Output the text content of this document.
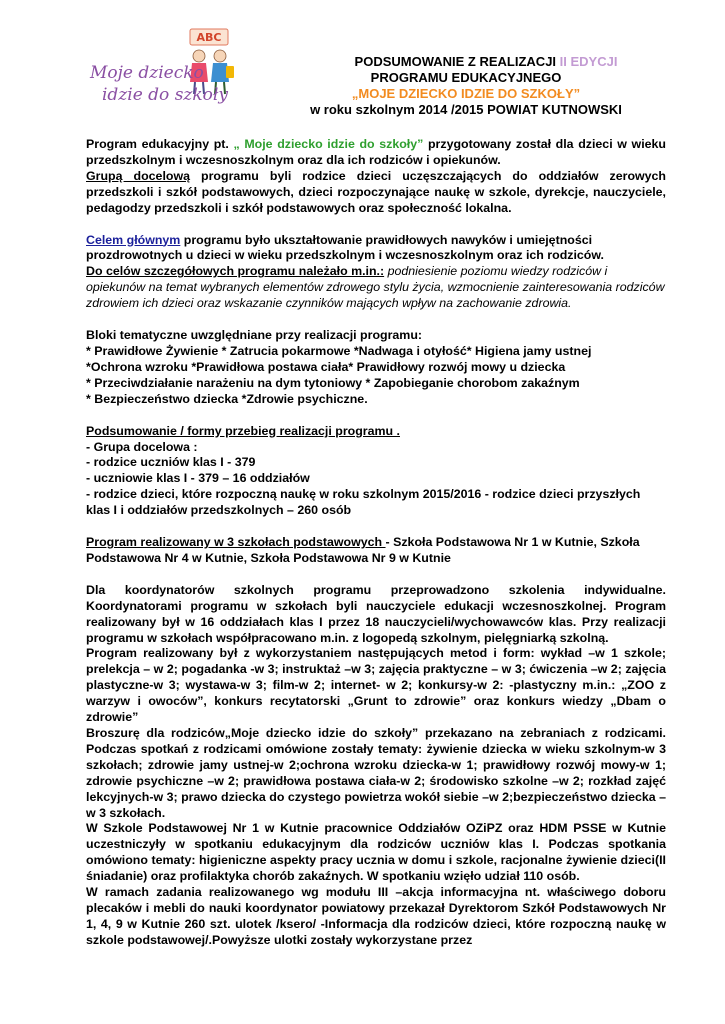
ABC
Moje dziecko
idzie do szkoły
PODSUMOWANIE Z REALIZACJI II EDYCJI
PROGRAMU EDUKACYJNEGO
„MOJE DZIECKO IDZIE DO SZKOŁY”
w roku szkolnym 2014 /2015 POWIAT KUTNOWSKI

Program edukacyjny pt. „ Moje dziecko idzie do szkoły” przygotowany został dla dzieci w wieku przedszkolnym i wczesnoszkolnym oraz dla ich rodziców i opiekunów.

Grupą docelową programu byli rodzice dzieci uczęszczających do oddziałów zerowych przedszkoli i szkół podstawowych, dzieci rozpoczynające naukę w szkole, dyrekcje, nauczyciele, pedagodzy przedszkoli i szkół podstawowych oraz społeczność lokalna.

Celem głównym programu było ukształtowanie prawidłowych nawyków i umiejętności prozdrowotnych u dzieci w wieku przedszkolnym i wczesnoszkolnym oraz ich rodziców.

Do celów szczegółowych programu należało m.in.: podniesienie poziomu wiedzy rodziców i opiekunów na temat wybranych elementów zdrowego stylu życia, wzmocnienie zainteresowania rodziców zdrowiem ich dzieci oraz wskazanie czynników mających wpływ na zachowanie zdrowia.

Bloki tematyczne uwzględniane przy realizacji programu:

* Prawidłowe Żywienie * Zatrucia pokarmowe *Nadwaga i otyłość* Higiena jamy ustnej

*Ochrona wzroku *Prawidłowa postawa ciała* Prawidłowy rozwój mowy u dziecka

* Przeciwdziałanie narażeniu na dym tytoniowy * Zapobieganie chorobom zakaźnym

* Bezpieczeństwo dziecka *Zdrowie psychiczne.

Podsumowanie / formy przebieg realizacji programu .

- Grupa docelowa :

- rodzice uczniów klas I - 379

- uczniowie klas I - 379 – 16 oddziałów

- rodzice dzieci, które rozpoczną naukę w roku szkolnym 2015/2016 - rodzice dzieci przyszłych klas I i oddziałów przedszkolnych – 260 osób

Program realizowany w 3 szkołach podstawowych - Szkoła Podstawowa Nr 1 w Kutnie, Szkoła Podstawowa Nr 4 w Kutnie, Szkoła Podstawowa Nr 9 w Kutnie

Dla koordynatorów szkolnych programu przeprowadzono szkolenia indywidualne. Koordynatorami programu w szkołach byli nauczyciele edukacji wczesnoszkolnej. Program realizowany był w 16 oddziałach klas I przez 18 nauczycieli/wychowawców klas. Przy realizacji programu w szkołach współpracowano m.in. z logopedą szkolnym, pielęgniarką szkolną.

Program realizowany był z wykorzystaniem następujących metod i form: wykład –w 1 szkole; prelekcja – w 2; pogadanka -w 3; instruktaż –w 3; zajęcia praktyczne – w 3; ćwiczenia –w 2; zajęcia plastyczne-w 3; wystawa-w 3; film-w 2; internet- w 2; konkursy-w 2: -plastyczny m.in.: „ZOO z warzyw i owoców”, konkurs recytatorski „Grunt to zdrowie” oraz konkurs wiedzy „Dbam o zdrowie”

Broszurę dla rodziców„Moje dziecko idzie do szkoły” przekazano na zebraniach z rodzicami. Podczas spotkań z rodzicami omówione zostały tematy: żywienie dziecka w wieku szkolnym-w 3 szkołach; zdrowie jamy ustnej-w 2;ochrona wzroku dziecka-w 1; prawidłowy rozwój mowy-w 1; zdrowie psychiczne –w 2; prawidłowa postawa ciała-w 2; środowisko szkolne –w 2; rozkład zajęć lekcyjnych-w 3; prawo dziecka do czystego powietrza wokół siebie –w 2;bezpieczeństwo dziecka –w 3 szkołach.

W Szkole Podstawowej Nr 1 w Kutnie pracownice Oddziałów OZiPZ oraz HDM PSSE w Kutnie uczestniczyły w spotkaniu edukacyjnym dla rodziców uczniów klas I. Podczas spotkania omówiono tematy: higieniczne aspekty pracy ucznia w domu i szkole, racjonalne żywienie dzieci(II śniadanie) oraz profilaktyka chorób zakaźnych. W spotkaniu wzięło udział 110 osób.

W ramach zadania realizowanego wg modułu III –akcja informacyjna nt. właściwego doboru plecaków i mebli do nauki koordynator powiatowy przekazał Dyrektorom Szkół Podstawowych Nr 1, 4, 9 w Kutnie 260 szt. ulotek /ksero/ -Informacja dla rodziców dzieci, które rozpoczną naukę w szkole podstawowej/.Powyższe ulotki zostały wykorzystane przez
